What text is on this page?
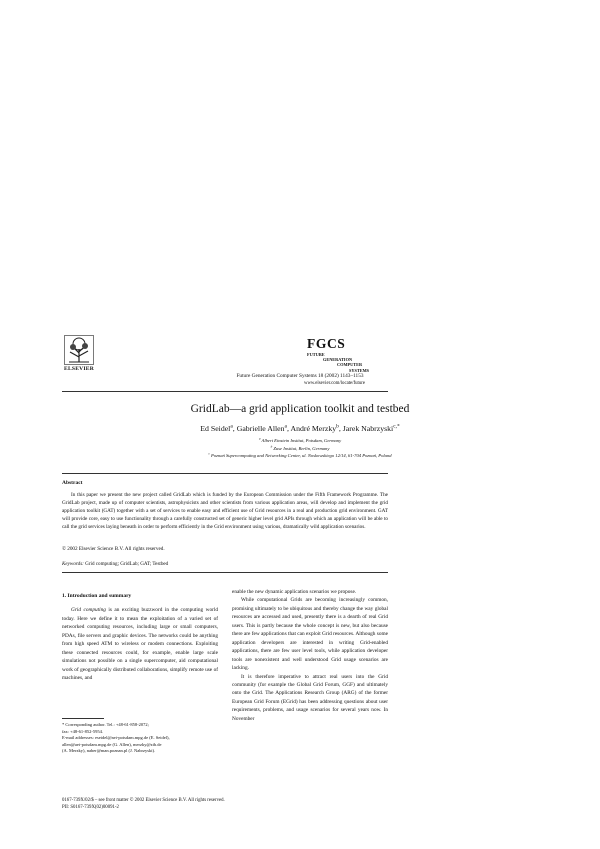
ELSEVIER
Future Generation Computer Systems 18 (2002) 1143–1153
FGCS
FUTURE
GENERATION
COMPUTER
SYSTEMS
www.elsevier.com/locate/future
GridLab—a grid application toolkit and testbed
Ed Seidel$^a$, Gabrielle Allen$^a$, André Merzky$^b$, Jarek Nabrzyski$^{c,*}$
$^a$ Albert Einstein Institut, Potsdam, Germany
$^b$ Zuse Institut, Berlin, Germany
$^c$ Poznań Supercomputing and Networking Center, ul. Noskowskiego 12/14, 61-704 Poznań, Poland
Abstract
In this paper we present the new project called GridLab which is funded by the European Commission under the Fifth Framework Programme. The GridLab project, made up of computer scientists, astrophysicists and other scientists from various application areas, will develop and implement the grid application toolkit (GAT) together with a set of services to enable easy and efficient use of Grid resources in a real and production grid environment. GAT will provide core, easy to use functionality through a carefully constructed set of generic higher level grid APIs through which an application will be able to call the grid services laying beneath in order to perform efficiently in the Grid environment using various, dramatically wild application scenarios.
© 2002 Elsevier Science B.V. All rights reserved.
Keywords: Grid computing; GridLab; GAT; Testbed
1. Introduction and summary

Grid computing is an exciting buzzword in the computing world today. Here we define it to mean the exploitation of a varied set of networked computing resources, including large or small computers, PDAs, file servers and graphic devices. The networks could be anything from high speed ATM to wireless or modem connections. Exploiting these connected resources could, for example, enable large scale simulations not possible on a single supercomputer, aid computational work of geographically distributed collaborations, simplify remote use of machines, and

enable the new dynamic application scenarios we propose.

While computational Grids are becoming increasingly common, promising ultimately to be ubiquitous and thereby change the way global resources are accessed and used, presently there is a dearth of real Grid users. This is partly because the whole concept is new, but also because there are few applications that can exploit Grid resources. Although some application developers are interested in writing Grid-enabled applications, there are few user level tools, while application developer tools are nonexistent and well understood Grid usage scenarios are lacking.

It is therefore imperative to attract real users into the Grid community (for example the Global Grid Forum, GGF) and ultimately onto the Grid. The Applications Research Group (ARG) of the former European Grid Forum (EGrid) has been addressing questions about user requirements, problems, and usage scenarios for several years now. In November

* Corresponding author. Tel.: +48-61-858-2072;
fax: +48-61-852-5954.
E-mail addresses: eseidel@aei-potsdam.mpg.de (E. Seidel),
allen@aei-potsdam.mpg.de (G. Allen), merzky@zib.de
(A. Merzky), naber@man.poznan.pl (J. Nabrzyski).
0167-739X/02/$ – see front matter © 2002 Elsevier Science B.V. All rights reserved.
PII: S0167-739X(02)00091-2
